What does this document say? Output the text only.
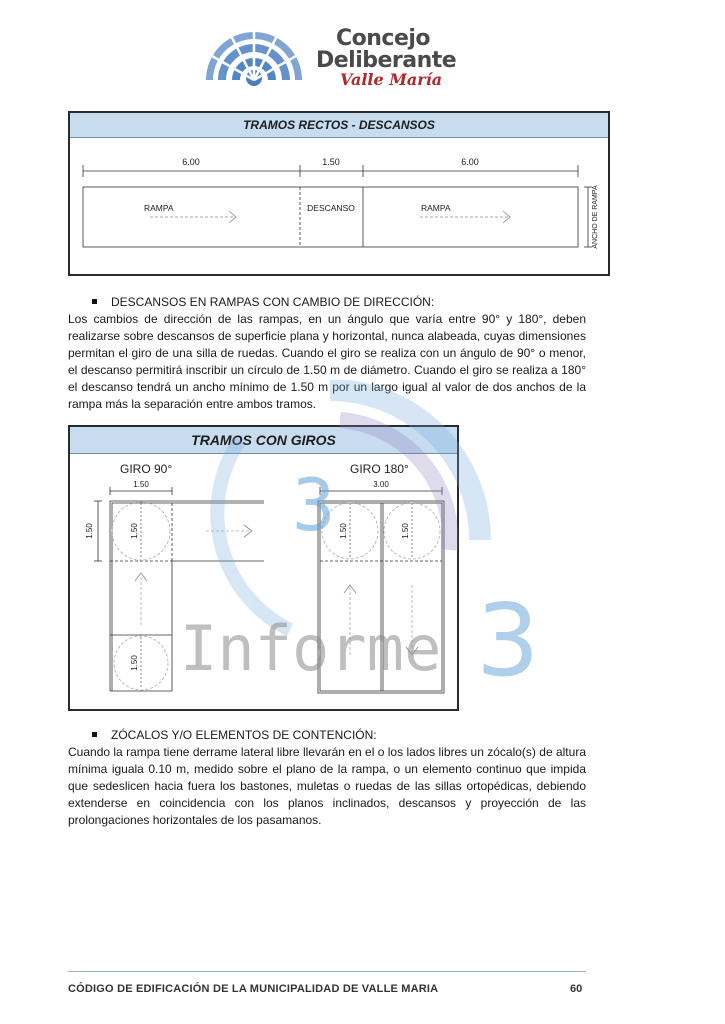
Concejo
Deliberante
Valle María
TRAMOS RECTOS - DESCANSOS
6.00	1.50	6.00
RAMPA	DESCANSO	RAMPA	ANCHO DE RAMPA
DESCANSOS EN RAMPAS CON CAMBIO DE DIRECCIÓN:
Los cambios de dirección de las rampas, en un ángulo que varía entre 90° y 180°, deben realizarse sobre descansos de superficie plana y horizontal, nunca alabeada, cuyas dimensiones permitan el giro de una silla de ruedas. Cuando el giro se realiza con un ángulo de 90° o menor, el descanso permitirá inscribir un círculo de 1.50 m de diámetro. Cuando el giro se realiza a 180° el descanso tendrá un ancho mínimo de 1.50 m por un largo igual al valor de dos anchos de la rampa más la separación entre ambos tramos.
TRAMOS CON GIROS
GIRO 90°	GIRO 180°
1.50
1.50	1.50
1.50
3.00
1.50	1.50
3
Informe 3
ZÓCALOS Y/O ELEMENTOS DE CONTENCIÓN:
Cuando la rampa tiene derrame lateral libre llevarán en el o los lados libres un zócalo(s) de altura mínima iguala 0.10 m, medido sobre el plano de la rampa, o un elemento continuo que impida que sedeslicen hacia fuera los bastones, muletas o ruedas de las sillas ortopédicas, debiendo extenderse en coincidencia con los planos inclinados, descansos y proyección de las prolongaciones horizontales de los pasamanos.
CÓDIGO DE EDIFICACIÓN DE LA MUNICIPALIDAD DE VALLE MARIA	60
